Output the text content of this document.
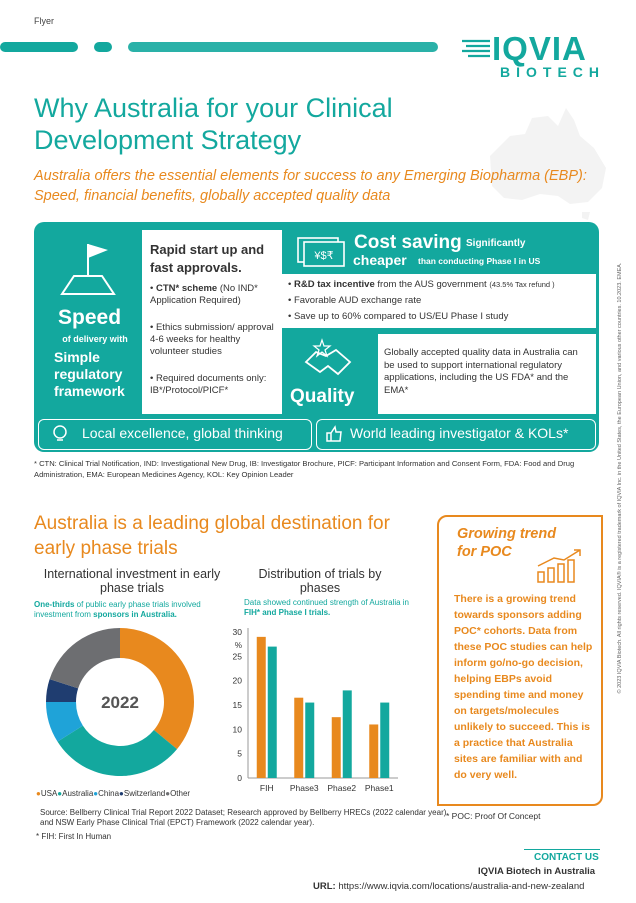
Flyer
IQVIA
BIOTECH
Why Australia for your Clinical Development Strategy
Australia offers the essential elements for success to any Emerging Biopharma (EBP): Speed, financial benefits, globally accepted quality data
Speed
of delivery with
Simple regulatory framework
Rapid start up and fast approvals.
• CTN* scheme (No IND* Application Required)
• Ethics submission/ approval 4-6 weeks for healthy volunteer studies
• Required documents only: IB*/Protocol/PICF*
¥$₹
Cost saving Significantly
cheaper than conducting Phase I in US
• R&D tax incentive from the AUS government (43.5% Tax refund )
• Favorable AUD exchange rate
• Save up to 60% compared to US/EU Phase I study
Quality
Globally accepted quality data in Australia can be used to support international regulatory applications, including the US FDA* and the EMA*
Local excellence, global thinking	World leading investigator & KOLs*
* CTN: Clinical Trial Notification, IND: Investigational New Drug, IB: Investigator Brochure, PICF: Participant Information and Consent Form, FDA: Food and Drug Administration, EMA: European Medicines Agency, KOL: Key Opinion Leader
Australia is a leading global destination for early phase trials
International investment in early phase trials
One-thirds of public early phase trials involved investment from sponsors in Australia.
Distribution of trials by phases
Data showed continued strength of Australia in FIH* and Phase I trials.
2022
0
5
10
15
20
25
30
%
FIH Phase3 Phase2 Phase1
●USA●Australia●China●Switzerland●Other
Source: Bellberry Clinical Trial Report 2022 Dataset; Research approved by Bellberry HRECs (2022 calendar year) and NSW Early Phase Clinical Trial (EPCT) Framework (2022 calendar year).
* FIH: First In Human
Growing trend for POC
There is a growing trend towards sponsors adding POC* cohorts. Data from these POC studies can help inform go/no-go decision, helping EBPs avoid spending time and money on targets/molecules unlikely to succeed. This is a practice that Australia sites are familiar with and do very well.
* POC: Proof Of Concept
© 2023 IQVIA Biotech. All rights reserved. IQVIA® is a registered trademark of IQVIA Inc. in the United States, the European Union, and various other countries. 10.2023. EMEA.
CONTACT US
IQVIA Biotech in Australia
URL: https://www.iqvia.com/locations/australia-and-new-zealand
